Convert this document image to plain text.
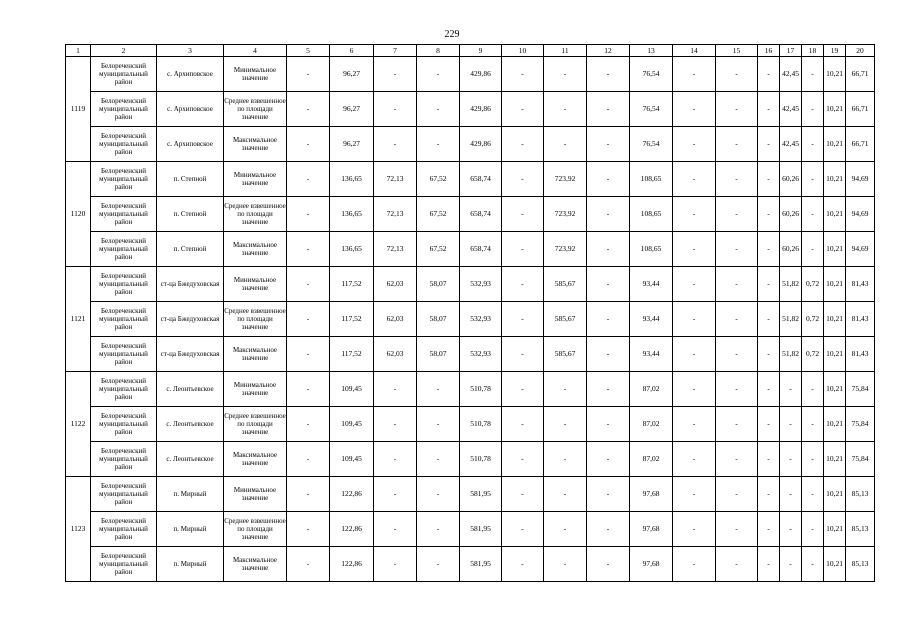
229
1	2	3	4	5	6	7	8	9	10	11	12	13	14	15	16	17	18	19	20
1119	Белореченский муниципальный район	с. Архиповское	Минимальное значение	-	96,27	-	-	429,86	-	-	-	76,54	-	-	-	42,45	-	10,21	66,71
	Белореченский муниципальный район	с. Архиповское	Среднее взвешенное по площади значение	-	96,27	-	-	429,86	-	-	-	76,54	-	-	-	42,45	-	10,21	66,71
	Белореченский муниципальный район	с. Архиповское	Максимальное значение	-	96,27	-	-	429,86	-	-	-	76,54	-	-	-	42,45	-	10,21	66,71
1120	Белореченский муниципальный район	п. Степной	Минимальное значение	-	136,65	72,13	67,52	658,74	-	723,92	-	108,65	-	-	-	60,26	-	10,21	94,69
	Белореченский муниципальный район	п. Степной	Среднее взвешенное по площади значение	-	136,65	72,13	67,52	658,74	-	723,92	-	108,65	-	-	-	60,26	-	10,21	94,69
	Белореченский муниципальный район	п. Степной	Максимальное значение	-	136,65	72,13	67,52	658,74	-	723,92	-	108,65	-	-	-	60,26	-	10,21	94,69
1121	Белореченский муниципальный район	ст-ца Бжедуховская	Минимальное значение	-	117,52	62,03	58,07	532,93	-	585,67	-	93,44	-	-	-	51,82	0,72	10,21	81,43
	Белореченский муниципальный район	ст-ца Бжедуховская	Среднее взвешенное по площади значение	-	117,52	62,03	58,07	532,93	-	585,67	-	93,44	-	-	-	51,82	0,72	10,21	81,43
	Белореченский муниципальный район	ст-ца Бжедуховская	Максимальное значение	-	117,52	62,03	58,07	532,93	-	585,67	-	93,44	-	-	-	51,82	0,72	10,21	81,43
1122	Белореченский муниципальный район	с. Леонтьевское	Минимальное значение	-	109,45	-	-	510,78	-	-	-	87,02	-	-	-	-	-	10,21	75,84
	Белореченский муниципальный район	с. Леонтьевское	Среднее взвешенное по площади значение	-	109,45	-	-	510,78	-	-	-	87,02	-	-	-	-	-	10,21	75,84
	Белореченский муниципальный район	с. Леонтьевское	Максимальное значение	-	109,45	-	-	510,78	-	-	-	87,02	-	-	-	-	-	10,21	75,84
1123	Белореченский муниципальный район	п. Мирный	Минимальное значение	-	122,86	-	-	581,95	-	-	-	97,68	-	-	-	-	-	10,21	85,13
	Белореченский муниципальный район	п. Мирный	Среднее взвешенное по площади значение	-	122,86	-	-	581,95	-	-	-	97,68	-	-	-	-	-	10,21	85,13
	Белореченский муниципальный район	п. Мирный	Максимальное значение	-	122,86	-	-	581,95	-	-	-	97,68	-	-	-	-	-	10,21	85,13
